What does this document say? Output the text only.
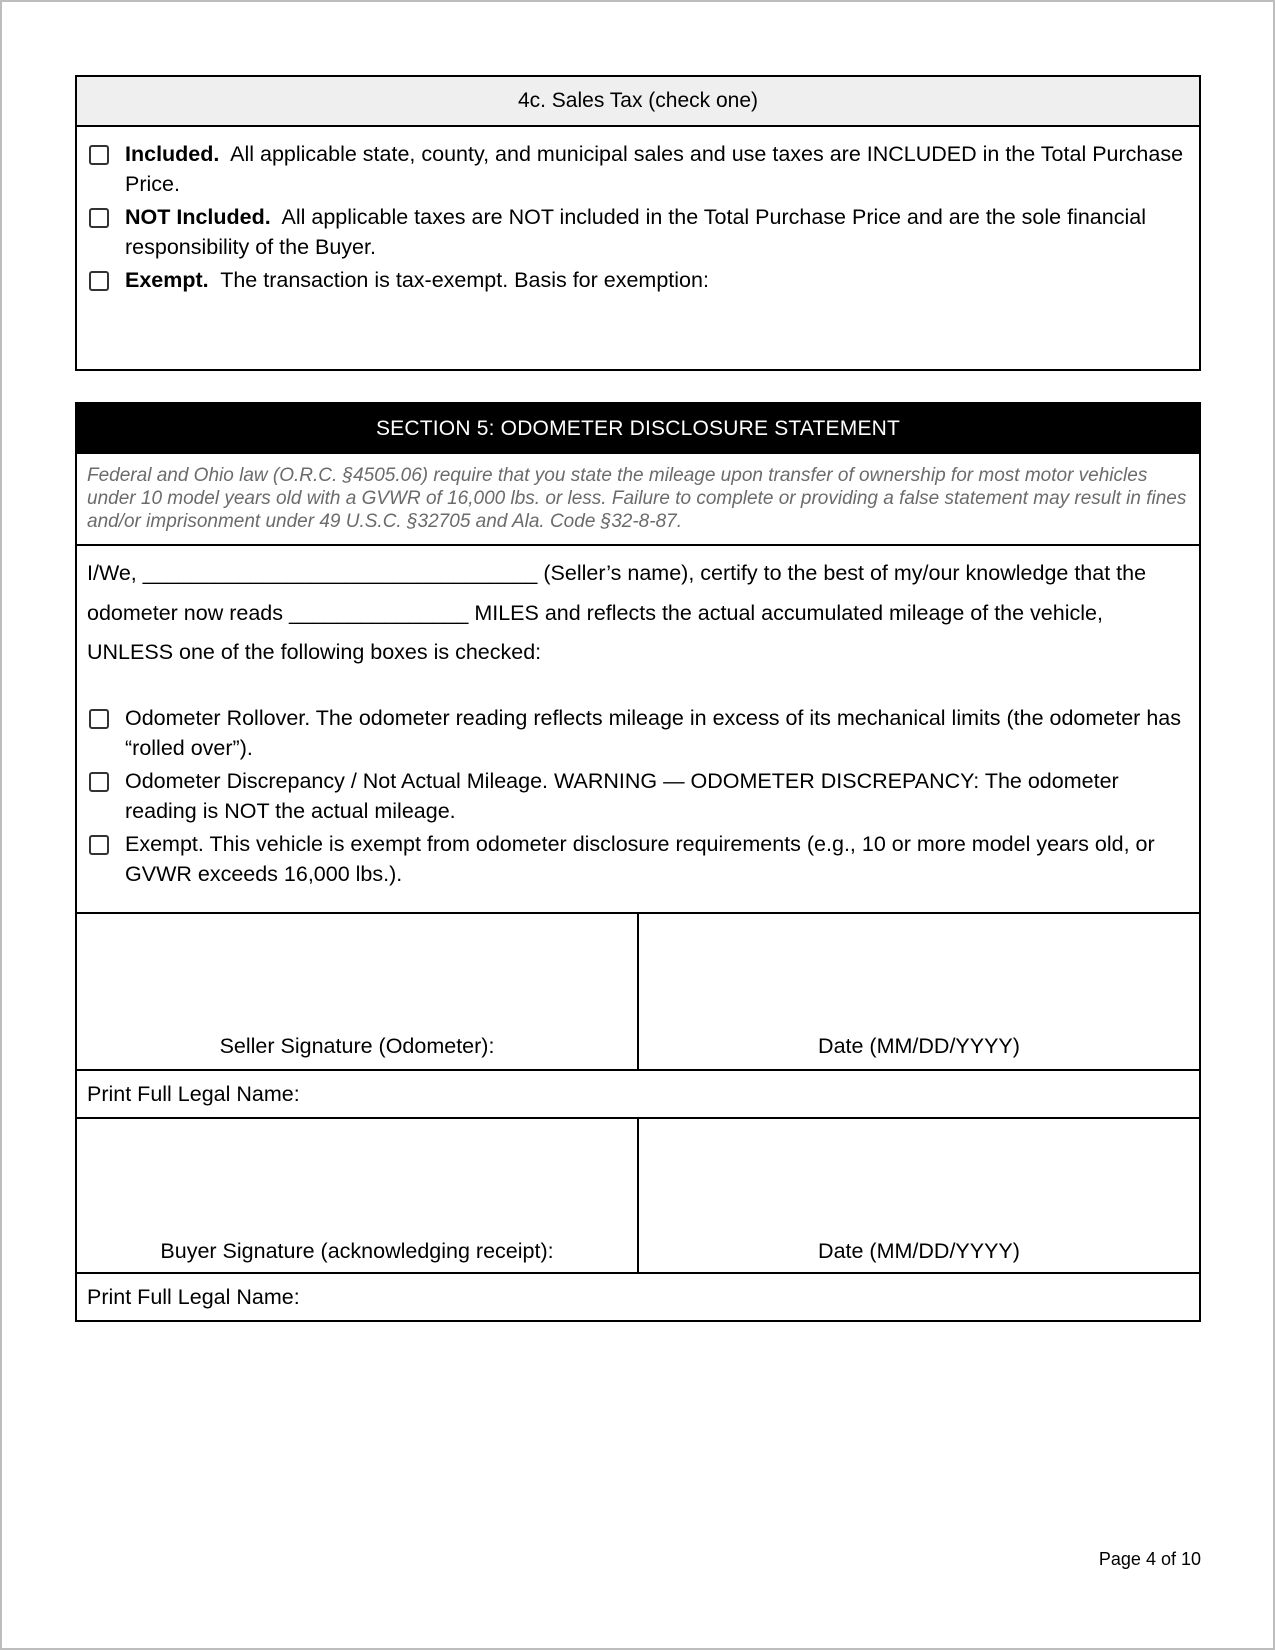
4c. Sales Tax (check one)
Included. All applicable state, county, and municipal sales and use taxes are INCLUDED in the Total Purchase Price.
NOT Included. All applicable taxes are NOT included in the Total Purchase Price and are the sole financial responsibility of the Buyer.
Exempt. The transaction is tax-exempt. Basis for exemption:
SECTION 5: ODOMETER DISCLOSURE STATEMENT
Federal and Ohio law (O.R.C. §4505.06) require that you state the mileage upon transfer of ownership for most motor vehicles under 10 model years old with a GVWR of 16,000 lbs. or less. Failure to complete or providing a false statement may result in fines and/or imprisonment under 49 U.S.C. §32705 and Ala. Code §32-8-87.
I/We, _________________________________ (Seller’s name), certify to the best of my/our knowledge that the odometer now reads _______________ MILES and reflects the actual accumulated mileage of the vehicle, UNLESS one of the following boxes is checked:
Odometer Rollover. The odometer reading reflects mileage in excess of its mechanical limits (the odometer has “rolled over”).
Odometer Discrepancy / Not Actual Mileage. WARNING — ODOMETER DISCREPANCY: The odometer reading is NOT the actual mileage.
Exempt. This vehicle is exempt from odometer disclosure requirements (e.g., 10 or more model years old, or GVWR exceeds 16,000 lbs.).
Seller Signature (Odometer):	Date (MM/DD/YYYY)
Print Full Legal Name:
Buyer Signature (acknowledging receipt):	Date (MM/DD/YYYY)
Print Full Legal Name:
Page 4 of 10
